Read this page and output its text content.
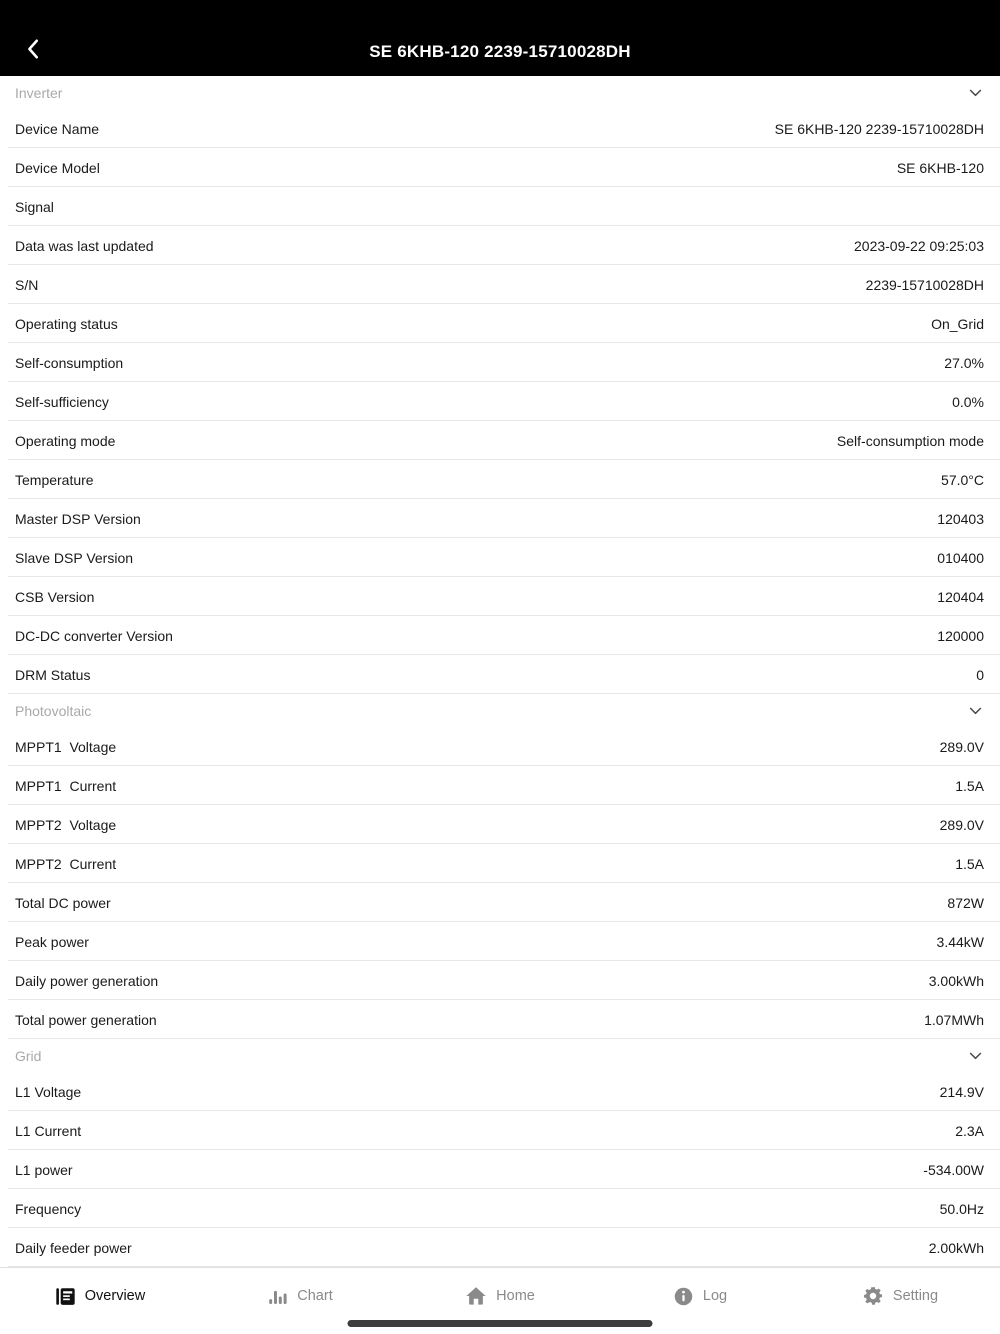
SE 6KHB-120 2239-15710028DH
Inverter
Device Name	SE 6KHB-120 2239-15710028DH
Device Model	SE 6KHB-120
Signal
Data was last updated	2023-09-22 09:25:03
S/N	2239-15710028DH
Operating status	On_Grid
Self-consumption	27.0%
Self-sufficiency	0.0%
Operating mode	Self-consumption mode
Temperature	57.0°C
Master DSP Version	120403
Slave DSP Version	010400
CSB Version	120404
DC-DC converter Version	120000
DRM Status	0
Photovoltaic
MPPT1  Voltage	289.0V
MPPT1  Current	1.5A
MPPT2  Voltage	289.0V
MPPT2  Current	1.5A
Total DC power	872W
Peak power	3.44kW
Daily power generation	3.00kWh
Total power generation	1.07MWh
Grid
L1 Voltage	214.9V
L1 Current	2.3A
L1 power	-534.00W
Frequency	50.0Hz
Daily feeder power	2.00kWh
Overview	Chart	Home	Log	Setting
